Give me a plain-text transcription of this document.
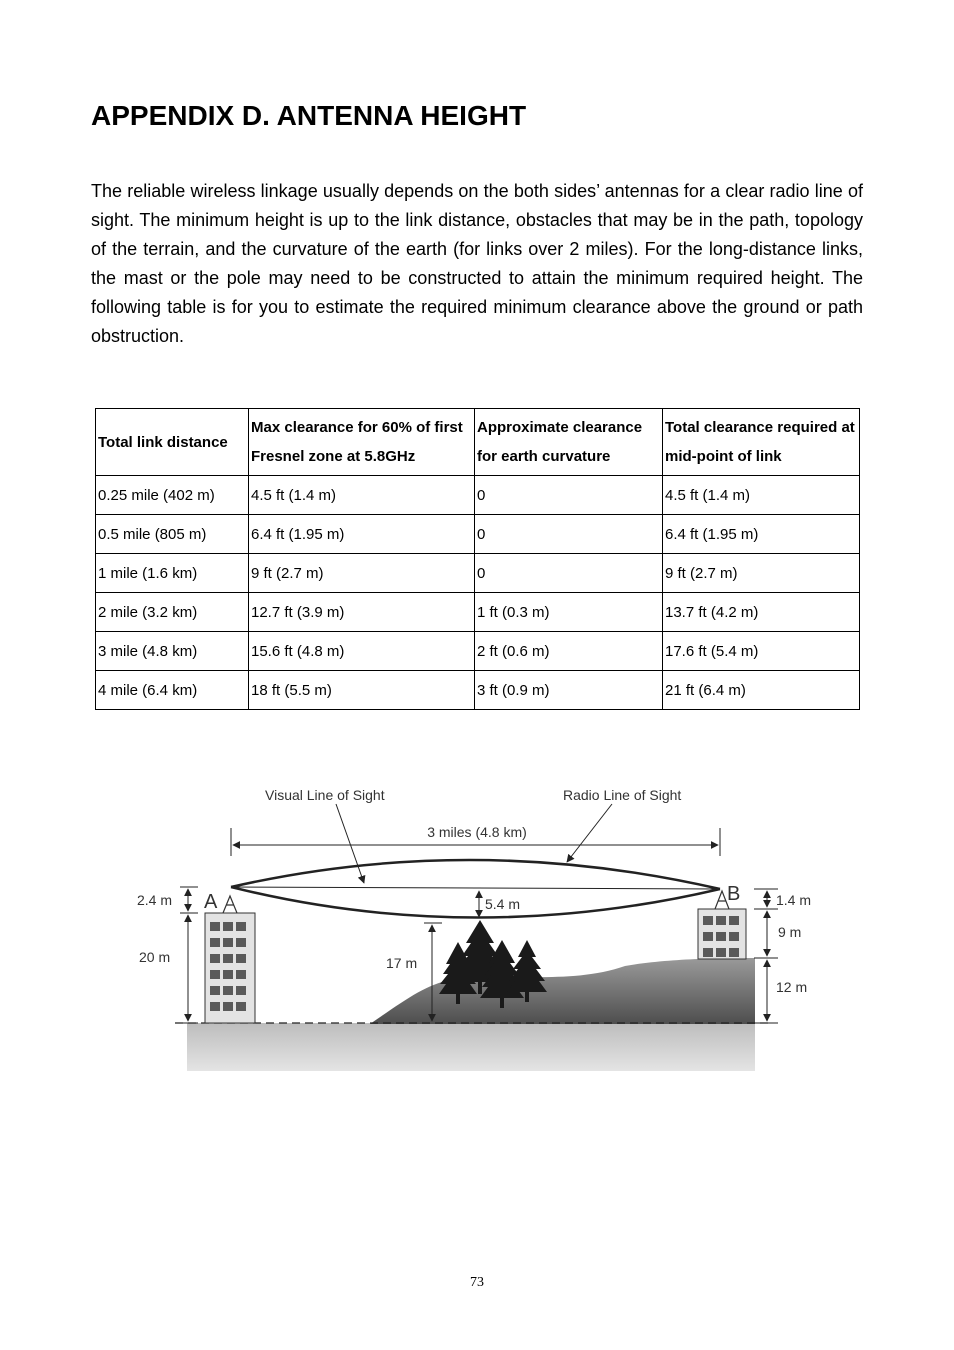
APPENDIX D. ANTENNA HEIGHT

The reliable wireless linkage usually depends on the both sides’ antennas for a clear radio line of sight. The minimum height is up to the link distance, obstacles that may be in the path, topology of the terrain, and the curvature of the earth (for links over 2 miles). For the long-distance links, the mast or the pole may need to be constructed to attain the minimum required height. The following table is for you to estimate the required minimum clearance above the ground or path obstruction.

Total link distance	Max clearance for 60% of first Fresnel zone at 5.8GHz	Approximate clearance for earth curvature	Total clearance required at mid-point of link
0.25 mile (402 m)	4.5 ft (1.4 m)	0	4.5 ft (1.4 m)
0.5 mile (805 m)	6.4 ft (1.95 m)	0	6.4 ft (1.95 m)
1 mile (1.6 km)	9 ft (2.7 m)	0	9 ft (2.7 m)
2 mile (3.2 km)	12.7 ft (3.9 m)	1 ft (0.3 m)	13.7 ft (4.2 m)
3 mile (4.8 km)	15.6 ft (4.8 m)	2 ft (0.6 m)	17.6 ft (5.4 m)
4 mile (6.4 km)	18 ft (5.5 m)	3 ft (0.9 m)	21 ft (6.4 m)
3 miles (4.8 km)
Visual Line of Sight	Radio Line of Sight
A	B
2.4 m
20 m
5.4 m
17 m
1.4 m
9 m
12 m
73
